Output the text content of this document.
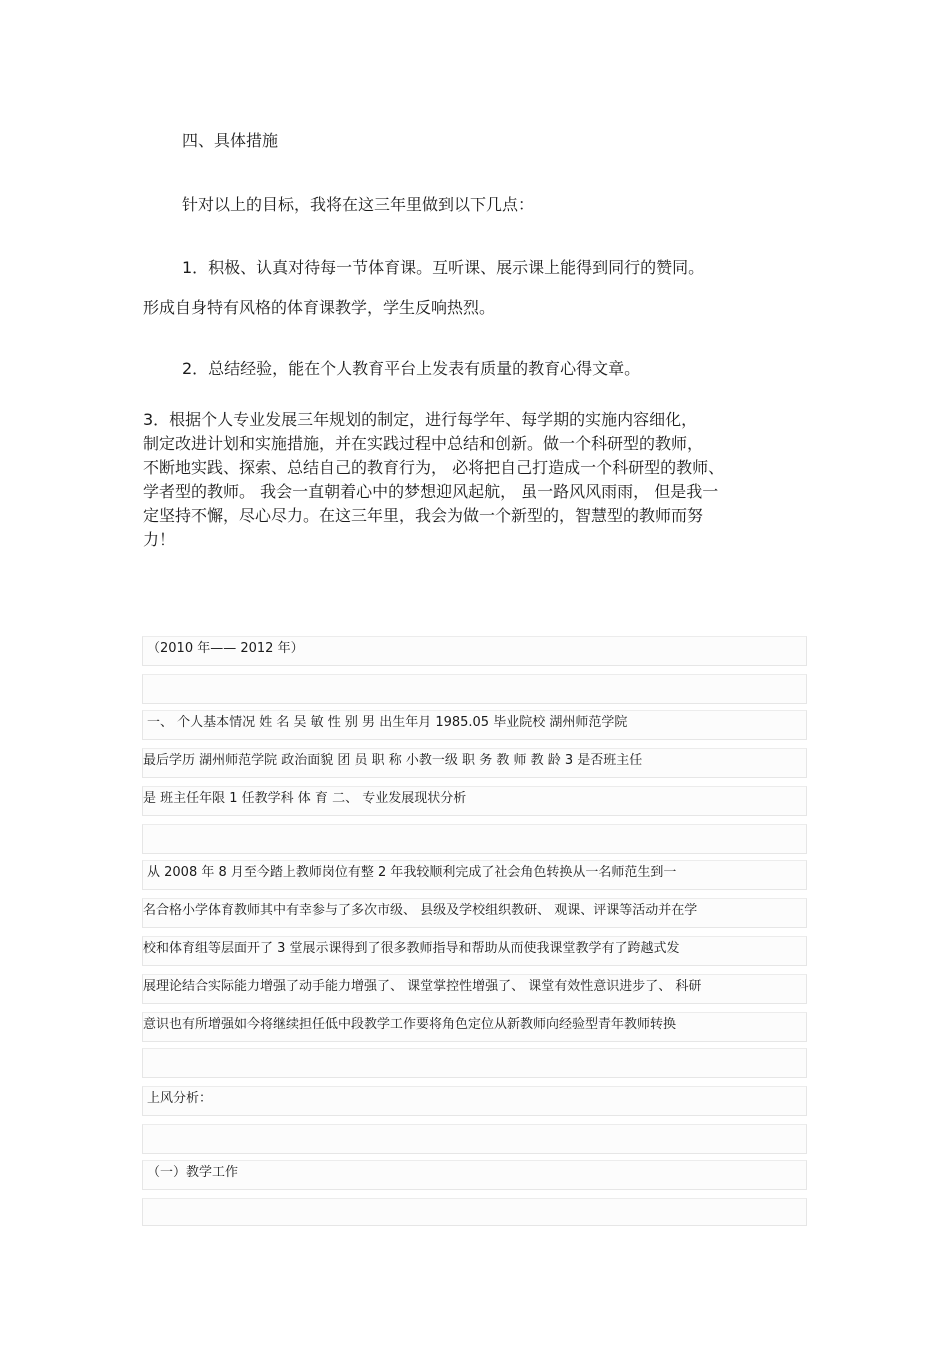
四、具体措施
针对以上的目标，我将在这三年里做到以下几点：
1．积极、认真对待每一节体育课。互听课、展示课上能得到同行的赞同。
形成自身特有风格的体育课教学，学生反响热烈。
2．总结经验，能在个人教育平台上发表有质量的教育心得文章。
3．根据个人专业发展三年规划的制定，进行每学年、每学期的实施内容细化，
制定改进计划和实施措施，并在实践过程中总结和创新。做一个科研型的教师，
不断地实践、探索、总结自己的教育行为， 必将把自己打造成一个科研型的教师、
学者型的教师。 我会一直朝着心中的梦想迎风起航， 虽一路风风雨雨， 但是我一
定坚持不懈，尽心尽力。在这三年里，我会为做一个新型的，智慧型的教师而努
力！
（2010 年—— 2012 年）
一、 个人基本情况 姓 名 吴 敏 性 别 男 出生年月 1985.05 毕业院校 湖州师范学院
最后学历 湖州师范学院 政治面貌 团 员 职 称 小教一级 职 务 教 师 教 龄 3 是否班主任
是 班主任年限 1 任教学科 体 育 二、 专业发展现状分析
从 2008 年 8 月至今踏上教师岗位有整 2 年我较顺利完成了社会角色转换从一名师范生到一
名合格小学体育教师其中有幸参与了多次市级、 县级及学校组织教研、 观课、评课等活动并在学
校和体育组等层面开了 3 堂展示课得到了很多教师指导和帮助从而使我课堂教学有了跨越式发
展理论结合实际能力增强了动手能力增强了、 课堂掌控性增强了、 课堂有效性意识进步了、 科研
意识也有所增强如今将继续担任低中段教学工作要将角色定位从新教师向经验型青年教师转换
上风分析：
（一）教学工作
